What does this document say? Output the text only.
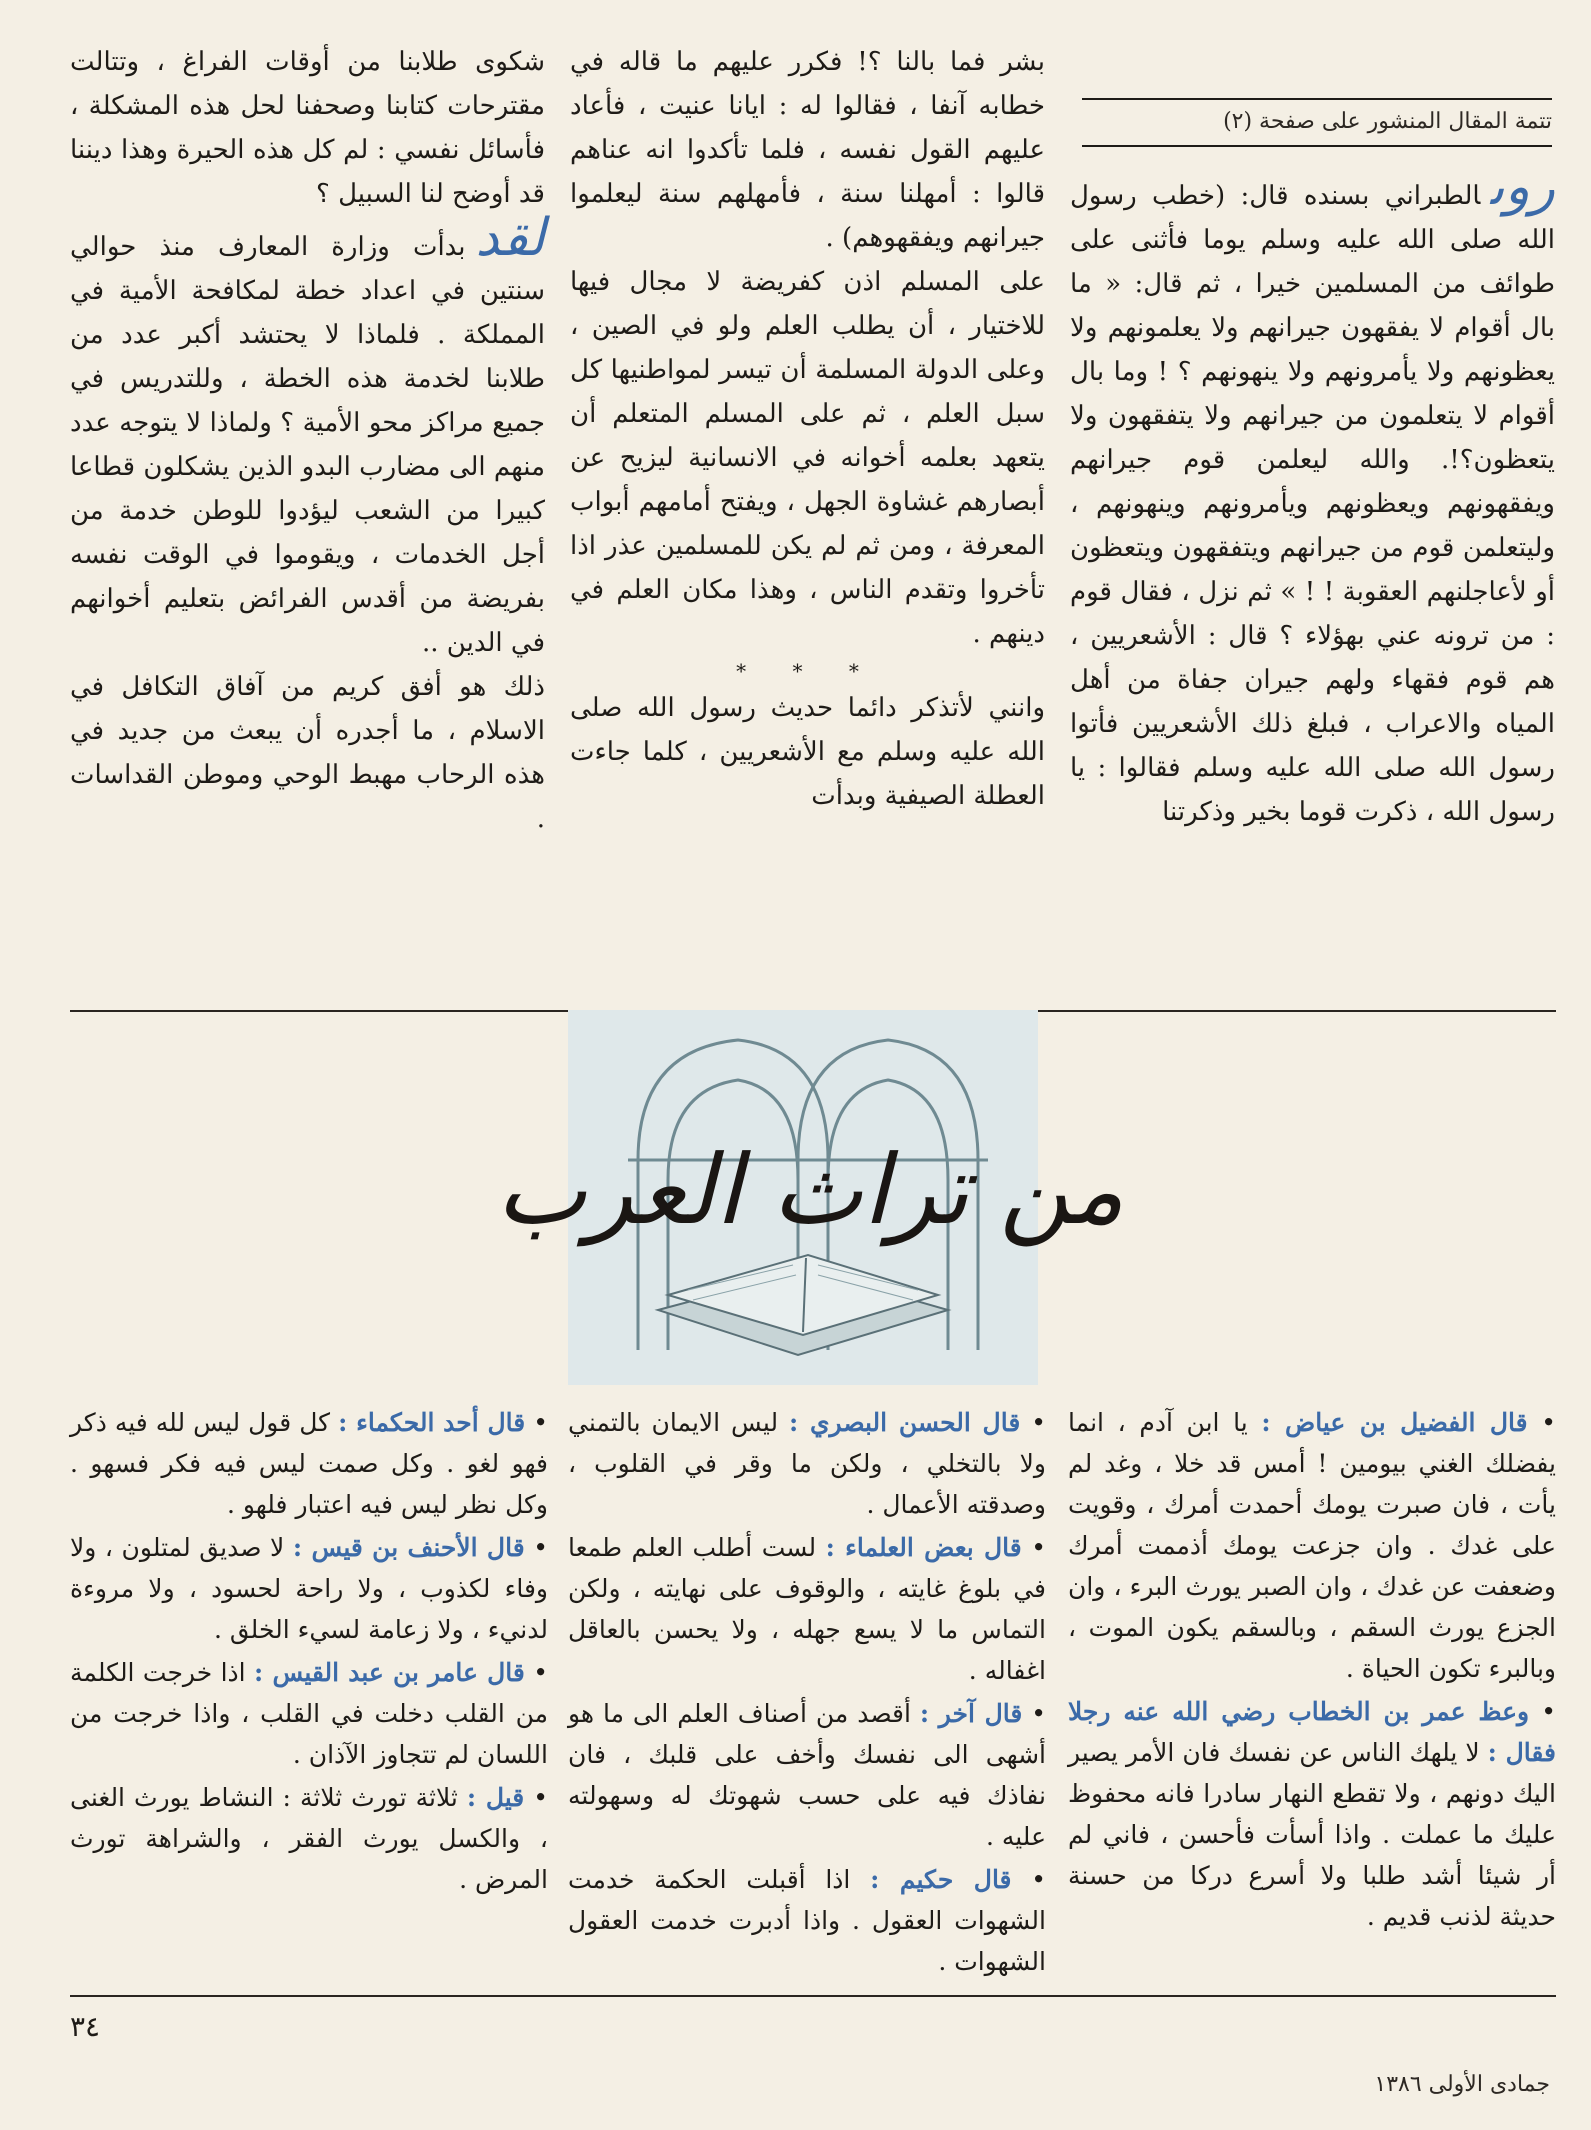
تتمة المقال المنشور على صفحة (٢)

روىالطبراني بسنده قال: (خطب رسول الله صلى الله عليه وسلم يوما فأثنى على طوائف من المسلمين خيرا ، ثم قال: « ما بال أقوام لا يفقهون جيرانهم ولا يعلمونهم ولا يعظونهم ولا يأمرونهم ولا ينهونهم ؟ ! وما بال أقوام لا يتعلمون من جيرانهم ولا يتفقهون ولا يتعظون؟!. والله ليعلمن قوم جيرانهم ويفقهونهم ويعظونهم ويأمرونهم وينهونهم ، وليتعلمن قوم من جيرانهم ويتفقهون ويتعظون أو لأعاجلنهم العقوبة ! ! » ثم نزل ، فقال قوم : من ترونه عني بهؤلاء ؟ قال : الأشعريين ، هم قوم فقهاء ولهم جيران جفاة من أهل المياه والاعراب ، فبلغ ذلك الأشعريين فأتوا رسول الله صلى الله عليه وسلم فقالوا : يا رسول الله ، ذكرت قوما بخير وذكرتنا

بشر فما بالنا ؟! فكرر عليهم ما قاله في خطابه آنفا ، فقالوا له : ايانا عنيت ، فأعاد عليهم القول نفسه ، فلما تأكدوا انه عناهم قالوا : أمهلنا سنة ، فأمهلهم سنة ليعلموا جيرانهم ويفقهوهم) .

على المسلم اذن كفريضة لا مجال فيها للاختيار ، أن يطلب العلم ولو في الصين ، وعلى الدولة المسلمة أن تيسر لمواطنيها كل سبل العلم ، ثم على المسلم المتعلم أن يتعهد بعلمه أخوانه في الانسانية ليزيح عن أبصارهم غشاوة الجهل ، ويفتح أمامهم أبواب المعرفة ، ومن ثم لم يكن للمسلمين عذر اذا تأخروا وتقدم الناس ، وهذا مكان العلم في دينهم .

* * *

وانني لأتذكر دائما حديث رسول الله صلى الله عليه وسلم مع الأشعريين ، كلما جاءت العطلة الصيفية وبدأت

شكوى طلابنا من أوقات الفراغ ، وتتالت مقترحات كتابنا وصحفنا لحل هذه المشكلة ، فأسائل نفسي : لم كل هذه الحيرة وهذا ديننا قد أوضح لنا السبيل ؟

لقدبدأت وزارة المعارف منذ حوالي سنتين في اعداد خطة لمكافحة الأمية في المملكة . فلماذا لا يحتشد أكبر عدد من طلابنا لخدمة هذه الخطة ، وللتدريس في جميع مراكز محو الأمية ؟ ولماذا لا يتوجه عدد منهم الى مضارب البدو الذين يشكلون قطاعا كبيرا من الشعب ليؤدوا للوطن خدمة من أجل الخدمات ، ويقوموا في الوقت نفسه بفريضة من أقدس الفرائض بتعليم أخوانهم في الدين ..

ذلك هو أفق كريم من آفاق التكافل في الاسلام ، ما أجدره أن يبعث من جديد في هذه الرحاب مهبط الوحي وموطن القداسات .

من تراث العرب

• قال الفضيل بن عياض : يا ابن آدم ، انما يفضلك الغني بيومين ! أمس قد خلا ، وغد لم يأت ، فان صبرت يومك أحمدت أمرك ، وقويت على غدك . وان جزعت يومك أذممت أمرك وضعفت عن غدك ، وان الصبر يورث البرء ، وان الجزع يورث السقم ، وبالسقم يكون الموت ، وبالبرء تكون الحياة .

• وعظ عمر بن الخطاب رضي الله عنه رجلا فقال : لا يلهك الناس عن نفسك فان الأمر يصير اليك دونهم ، ولا تقطع النهار سادرا فانه محفوظ عليك ما عملت . واذا أسأت فأحسن ، فاني لم أر شيئا أشد طلبا ولا أسرع دركا من حسنة حديثة لذنب قديم .

• قال الحسن البصري : ليس الايمان بالتمني ولا بالتخلي ، ولكن ما وقر في القلوب ، وصدقته الأعمال .

• قال بعض العلماء : لست أطلب العلم طمعا في بلوغ غايته ، والوقوف على نهايته ، ولكن التماس ما لا يسع جهله ، ولا يحسن بالعاقل اغفاله .

• قال آخر : أقصد من أصناف العلم الى ما هو أشهى الى نفسك وأخف على قلبك ، فان نفاذك فيه على حسب شهوتك له وسهولته عليه .

• قال حكيم : اذا أقبلت الحكمة خدمت الشهوات العقول . واذا أدبرت خدمت العقول الشهوات .

• قال أحد الحكماء : كل قول ليس لله فيه ذكر فهو لغو . وكل صمت ليس فيه فكر فسهو . وكل نظر ليس فيه اعتبار فلهو .

• قال الأحنف بن قيس : لا صديق لمتلون ، ولا وفاء لكذوب ، ولا راحة لحسود ، ولا مروءة لدنيء ، ولا زعامة لسيء الخلق .

• قال عامر بن عبد القيس : اذا خرجت الكلمة من القلب دخلت في القلب ، واذا خرجت من اللسان لم تتجاوز الآذان .

• قيل : ثلاثة تورث ثلاثة : النشاط يورث الغنى ، والكسل يورث الفقر ، والشراهة تورث المرض .

٣٤
جمادى الأولى ١٣٨٦
